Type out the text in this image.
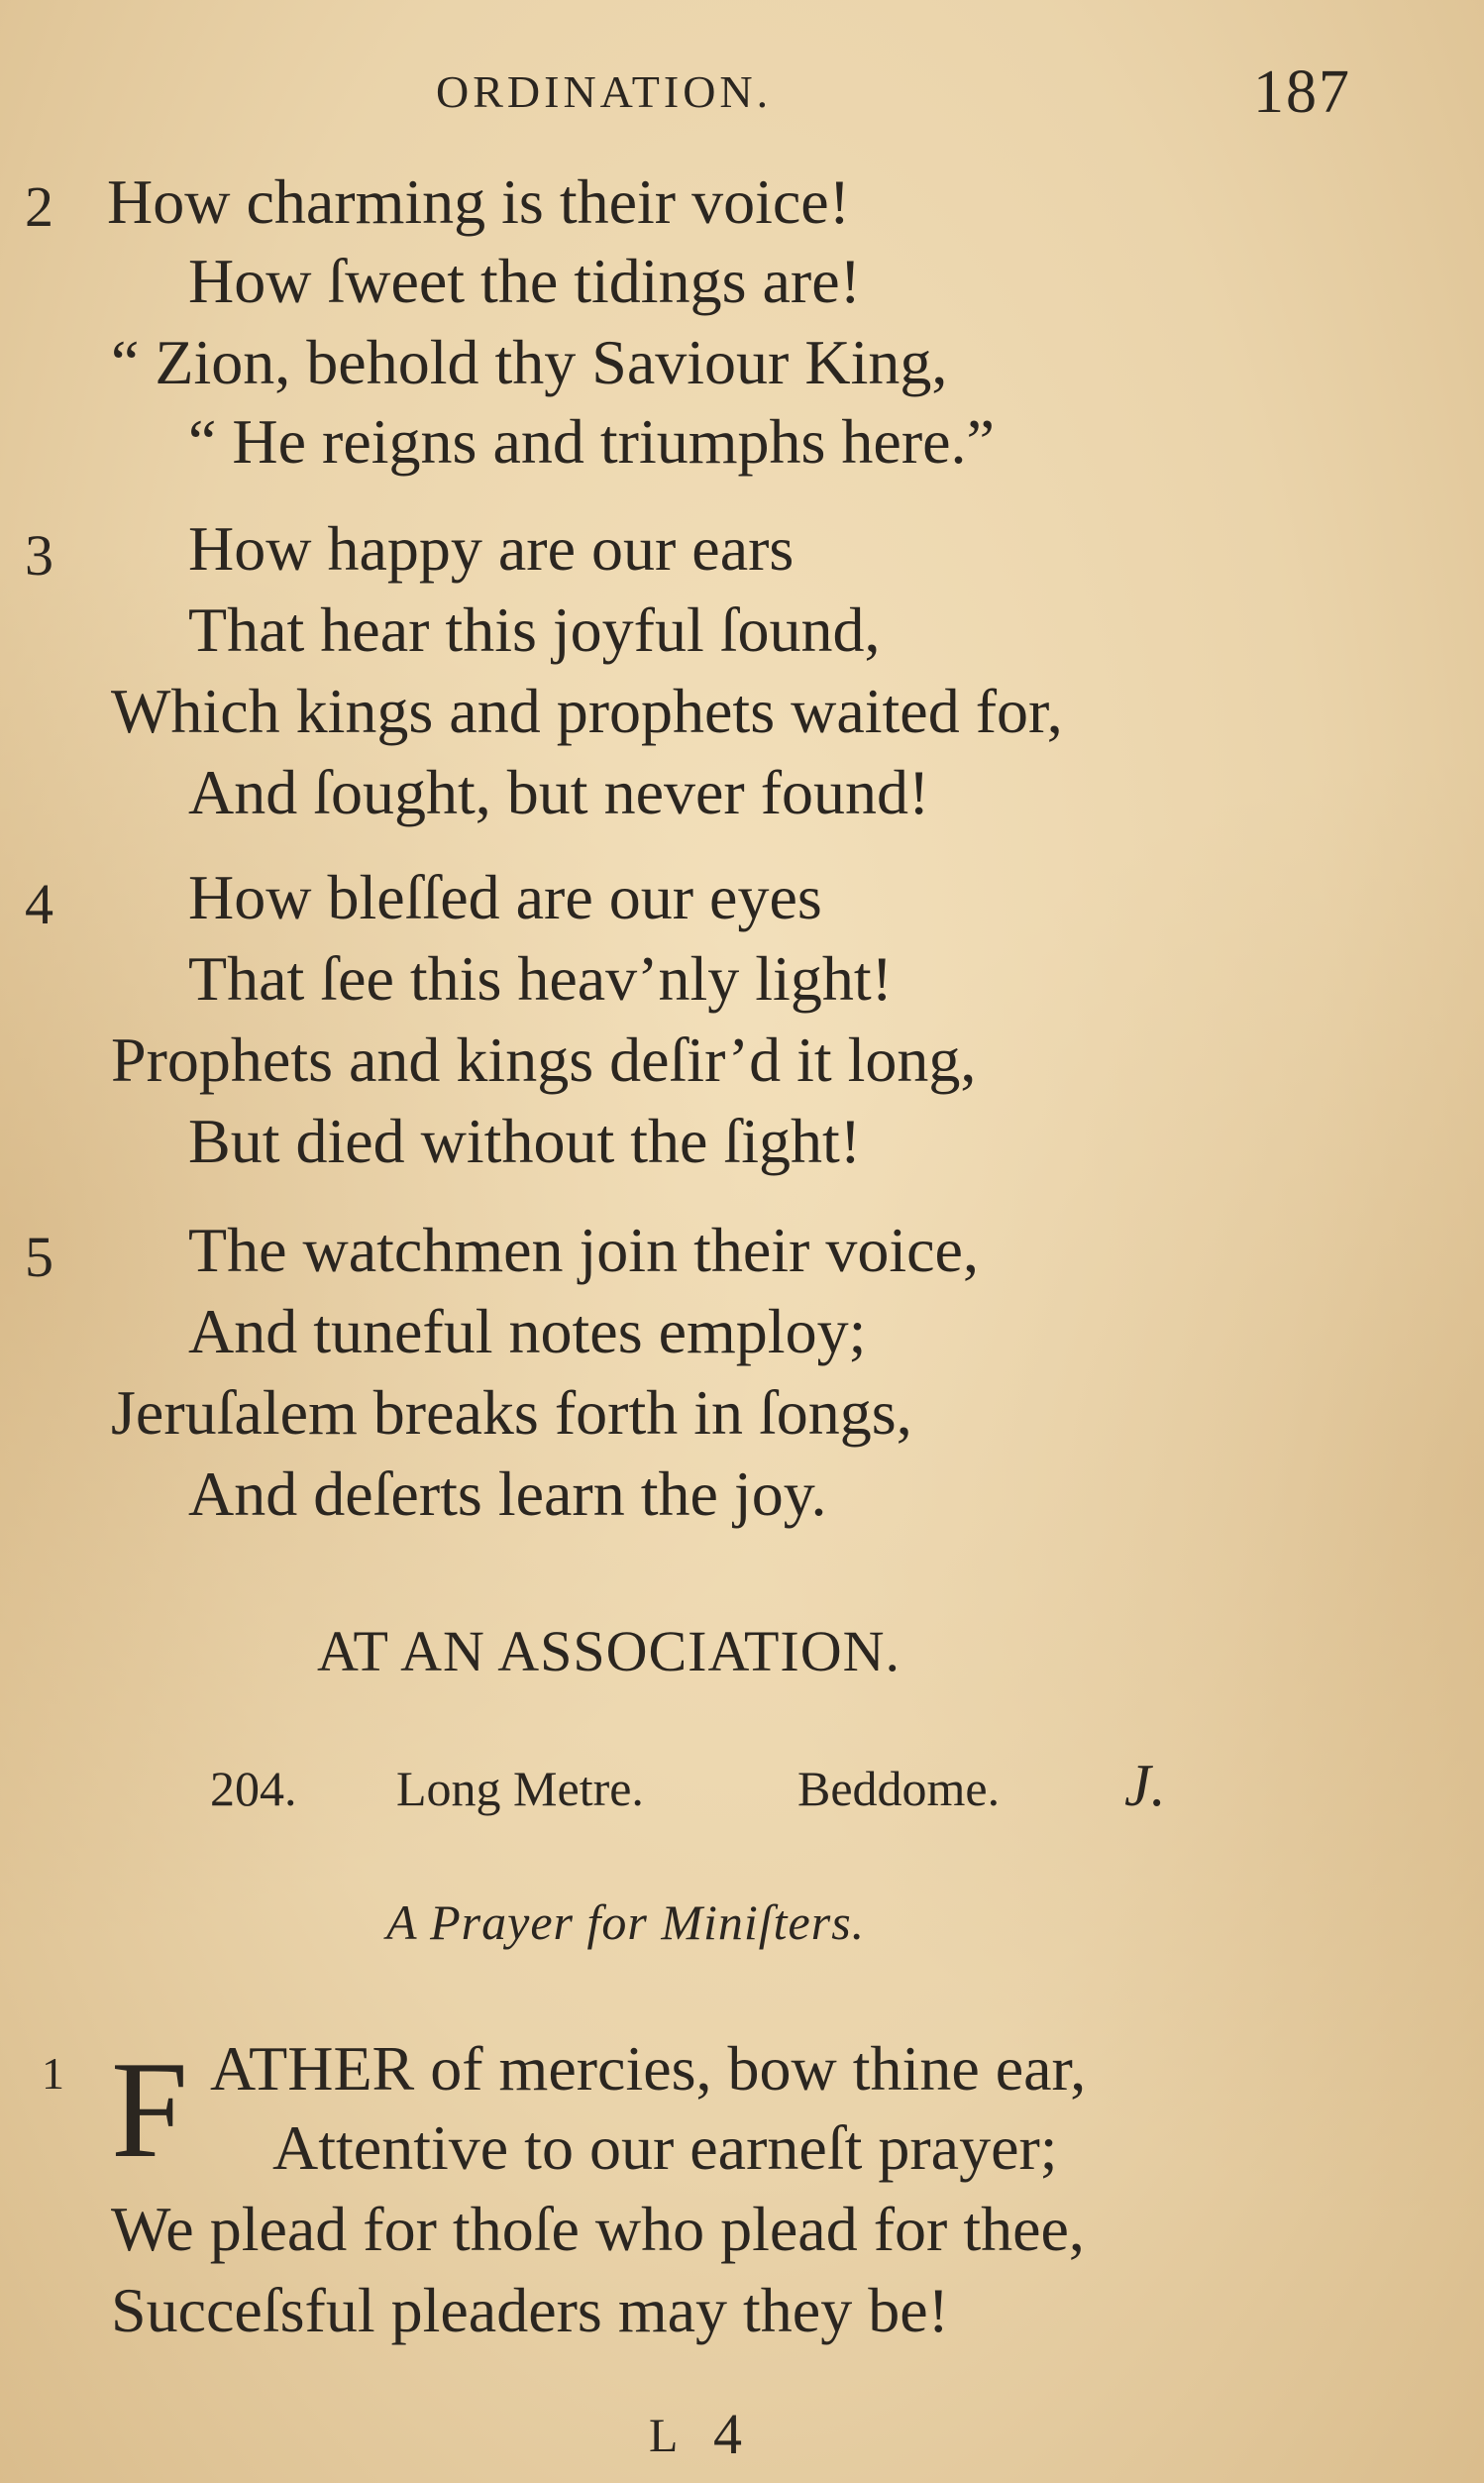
ORDINATION.	187
2 How charming is their voice!
How ſweet the tidings are!
“ Zion, behold thy Saviour King,
“ He reigns and triumphs here.”
3 How happy are our ears
That hear this joyful ſound,
Which kings and prophets waited for,
And ſought, but never found!
4 How bleſſed are our eyes
That ſee this heav’nly light!
Prophets and kings deſir’d it long,
But died without the ſight!
5 The watchmen join their voice,
And tuneful notes employ;
Jeruſalem breaks forth in ſongs,
And deſerts learn the joy.
AT AN ASSOCIATION.
204. Long Metre.	Beddome. J.
A Prayer for Miniſters.
1 F ATHER of mercies, bow thine ear,
Attentive to our earneſt prayer;
We plead for thoſe who plead for thee,
Succeſsful pleaders may they be!
L 4
